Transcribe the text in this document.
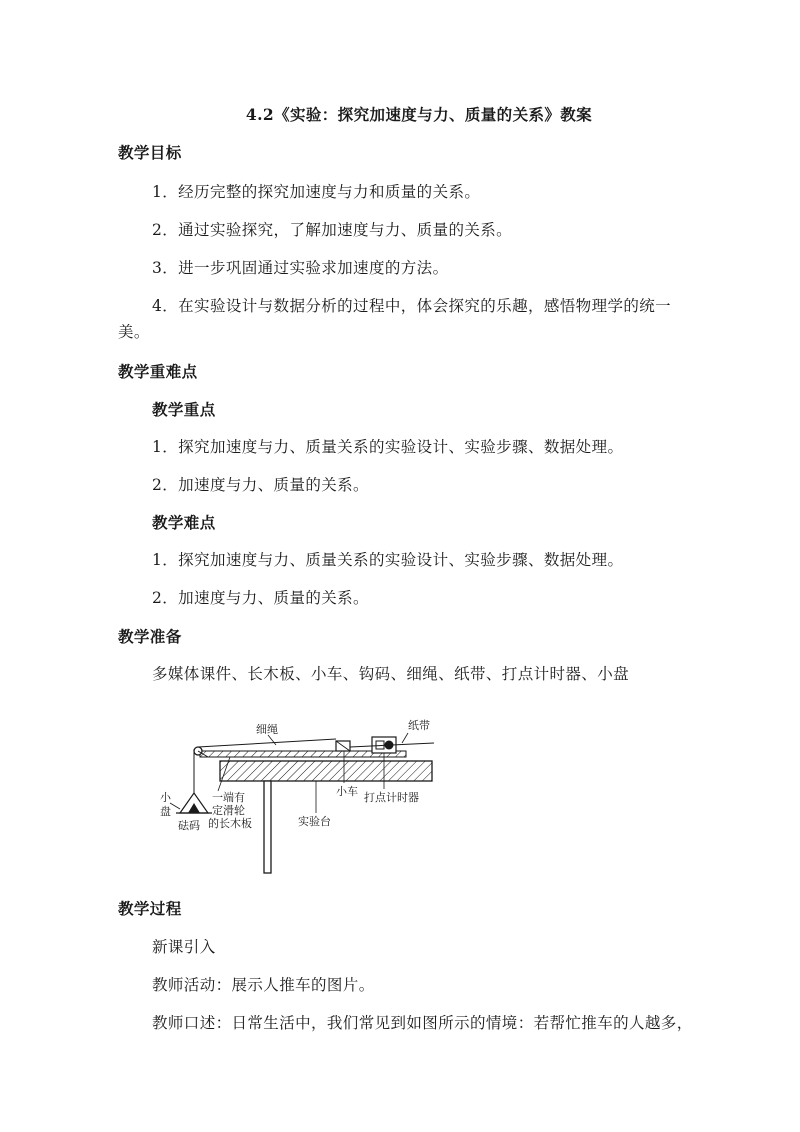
4.2《实验：探究加速度与力、质量的关系》教案
教学目标
1．经历完整的探究加速度与力和质量的关系。
2．通过实验探究，了解加速度与力、质量的关系。
3．进一步巩固通过实验求加速度的方法。
4．在实验设计与数据分析的过程中，体会探究的乐趣，感悟物理学的统一
美。
教学重难点
教学重点
1．探究加速度与力、质量关系的实验设计、实验步骤、数据处理。
2．加速度与力、质量的关系。
教学难点
1．探究加速度与力、质量关系的实验设计、实验步骤、数据处理。
2．加速度与力、质量的关系。
教学准备
多媒体课件、长木板、小车、钩码、细绳、纸带、打点计时器、小盘
细绳	纸带
小
盘
砝码
一端有
定滑轮
的长木板
小车 打点计时器
实验台
教学过程
新课引入
教师活动：展示人推车的图片。
教师口述：日常生活中，我们常见到如图所示的情境：若帮忙推车的人越多，
